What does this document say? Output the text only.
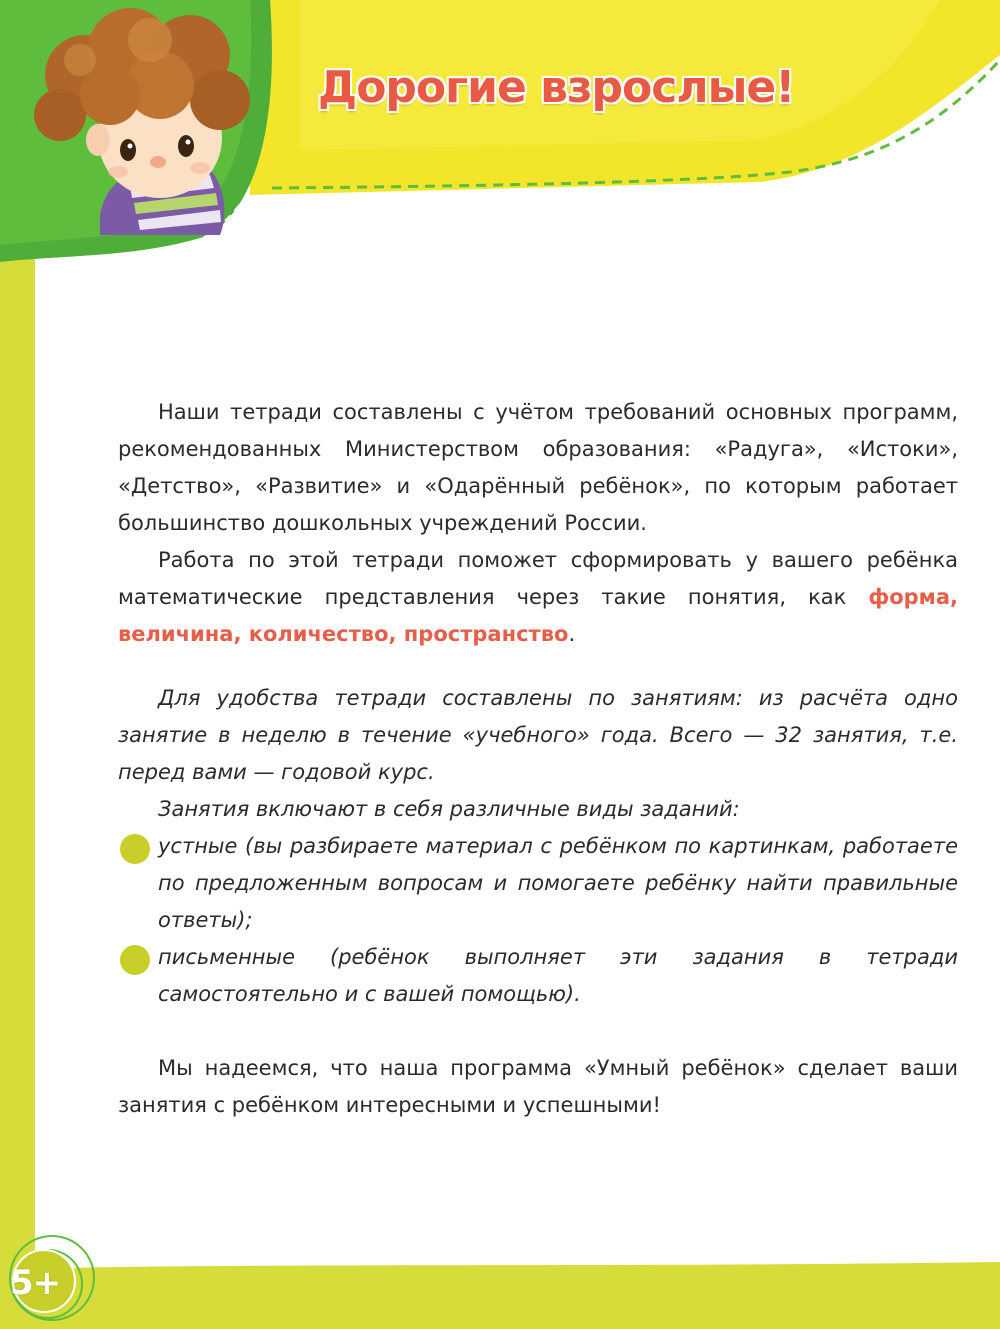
Дорогие взрослые!

Наши тетради составлены с учётом требований основных программ, рекомендованных Министерством образования: «Радуга», «Истоки», «Детство», «Развитие» и «Одарённый ребёнок», по которым работает большинство дошкольных учреждений России.

Работа по этой тетради поможет сформировать у вашего ребёнка математические представления через такие понятия, как форма, величина, количество, пространство.

Для удобства тетради составлены по занятиям: из расчёта одно занятие в неделю в течение «учебного» года. Всего — 32 занятия, т.е. перед вами — годовой курс.

Занятия включают в себя различные виды заданий:

устные (вы разбираете материал с ребёнком по картинкам, работаете по предложенным вопросам и помогаете ребёнку найти правильные ответы);
письменные (ребёнок выполняет эти задания в тетради самостоятельно и с вашей помощью).

Мы надеемся, что наша программа «Умный ребёнок» сделает ваши занятия с ребёнком интересными и успешными!

5+
